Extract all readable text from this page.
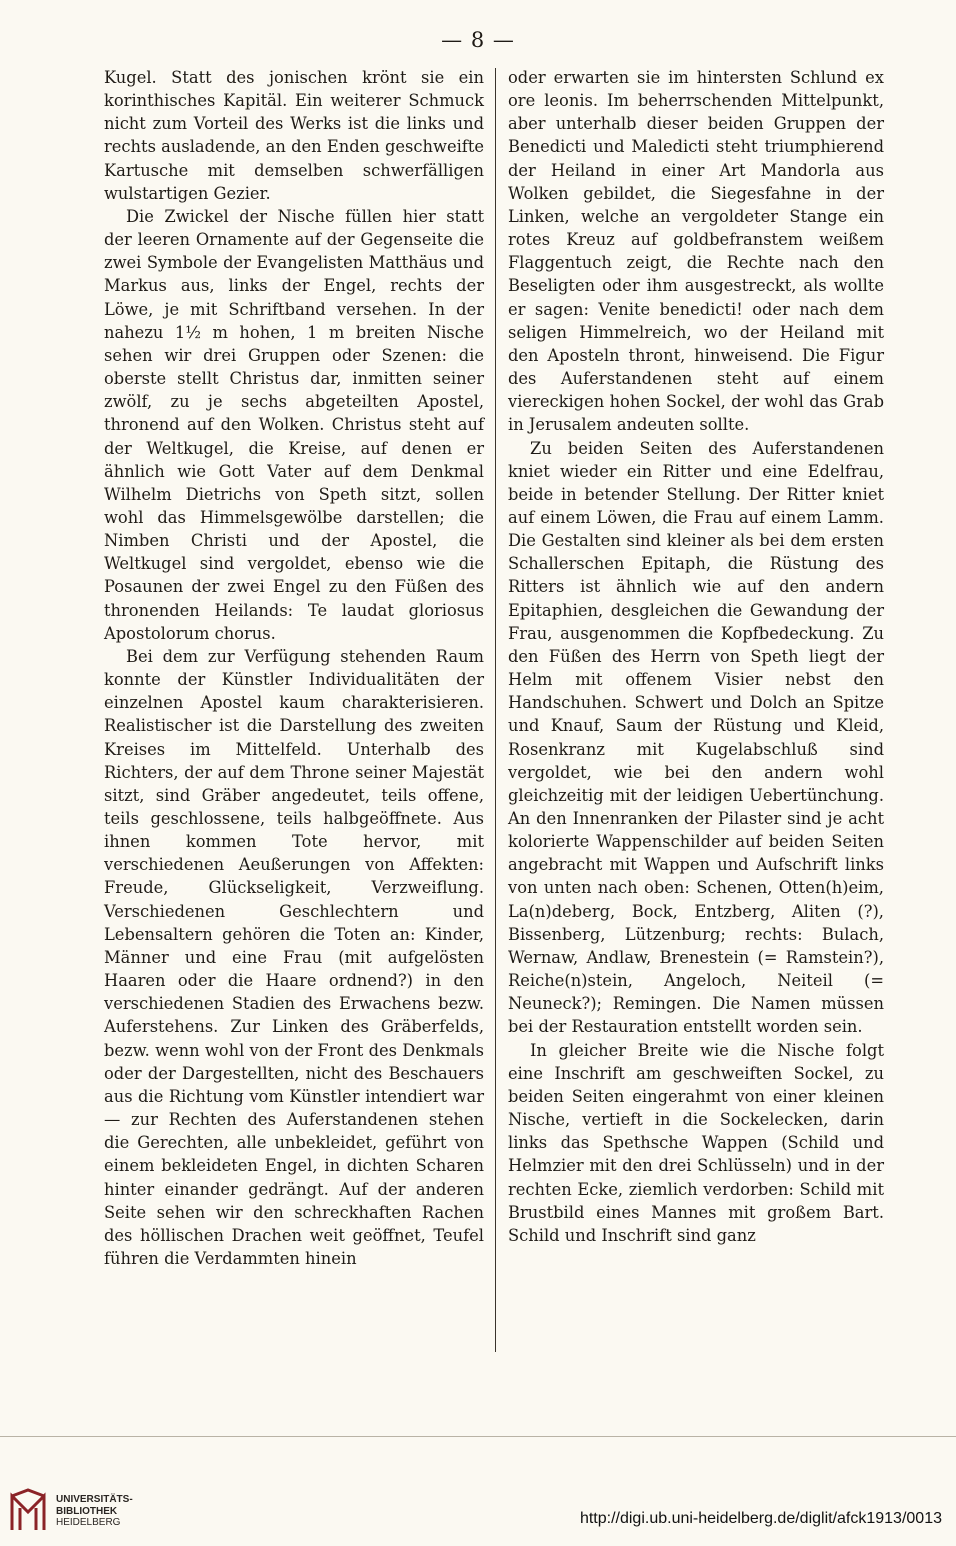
— 8 —

Kugel. Statt des jonischen krönt sie ein korinthisches Kapitäl. Ein weiterer Schmuck nicht zum Vorteil des Werks ist die links und rechts ausladende, an den Enden geschweifte Kartusche mit demselben schwerfälligen wulstartigen Gezier.

Die Zwickel der Nische füllen hier statt der leeren Ornamente auf der Gegenseite die zwei Symbole der Evangelisten Matthäus und Markus aus, links der Engel, rechts der Löwe, je mit Schriftband versehen. In der nahezu 1½ m hohen, 1 m breiten Nische sehen wir drei Gruppen oder Szenen: die oberste stellt Christus dar, inmitten seiner zwölf, zu je sechs abgeteilten Apostel, thronend auf den Wolken. Christus steht auf der Weltkugel, die Kreise, auf denen er ähnlich wie Gott Vater auf dem Denkmal Wilhelm Dietrichs von Speth sitzt, sollen wohl das Himmelsgewölbe darstellen; die Nimben Christi und der Apostel, die Weltkugel sind vergoldet, ebenso wie die Posaunen der zwei Engel zu den Füßen des thronenden Heilands: Te laudat gloriosus Apostolorum chorus.

Bei dem zur Verfügung stehenden Raum konnte der Künstler Individualitäten der einzelnen Apostel kaum charakterisieren. Realistischer ist die Darstellung des zweiten Kreises im Mittelfeld. Unterhalb des Richters, der auf dem Throne seiner Majestät sitzt, sind Gräber angedeutet, teils offene, teils geschlossene, teils halbgeöffnete. Aus ihnen kommen Tote hervor, mit verschiedenen Aeußerungen von Affekten: Freude, Glückseligkeit, Verzweiflung. Verschiedenen Geschlechtern und Lebensaltern gehören die Toten an: Kinder, Männer und eine Frau (mit aufgelösten Haaren oder die Haare ordnend?) in den verschiedenen Stadien des Erwachens bezw. Auferstehens. Zur Linken des Gräberfelds, bezw. wenn wohl von der Front des Denkmals oder der Dargestellten, nicht des Beschauers aus die Richtung vom Künstler intendiert war — zur Rechten des Auferstandenen stehen die Gerechten, alle unbekleidet, geführt von einem bekleideten Engel, in dichten Scharen hinter einander gedrängt. Auf der anderen Seite sehen wir den schreckhaften Rachen des höllischen Drachen weit geöffnet, Teufel führen die Verdammten hinein

oder erwarten sie im hintersten Schlund ex ore leonis. Im beherrschenden Mittelpunkt, aber unterhalb dieser beiden Gruppen der Benedicti und Maledicti steht triumphierend der Heiland in einer Art Mandorla aus Wolken gebildet, die Siegesfahne in der Linken, welche an vergoldeter Stange ein rotes Kreuz auf goldbefranstem weißem Flaggentuch zeigt, die Rechte nach den Beseligten oder ihm ausgestreckt, als wollte er sagen: Venite benedicti! oder nach dem seligen Himmelreich, wo der Heiland mit den Aposteln thront, hinweisend. Die Figur des Auferstandenen steht auf einem viereckigen hohen Sockel, der wohl das Grab in Jerusalem andeuten sollte.

Zu beiden Seiten des Auferstandenen kniet wieder ein Ritter und eine Edelfrau, beide in betender Stellung. Der Ritter kniet auf einem Löwen, die Frau auf einem Lamm. Die Gestalten sind kleiner als bei dem ersten Schallerschen Epitaph, die Rüstung des Ritters ist ähnlich wie auf den andern Epitaphien, desgleichen die Gewandung der Frau, ausgenommen die Kopfbedeckung. Zu den Füßen des Herrn von Speth liegt der Helm mit offenem Visier nebst den Handschuhen. Schwert und Dolch an Spitze und Knauf, Saum der Rüstung und Kleid, Rosenkranz mit Kugelabschluß sind vergoldet, wie bei den andern wohl gleichzeitig mit der leidigen Uebertünchung. An den Innenranken der Pilaster sind je acht kolorierte Wappenschilder auf beiden Seiten angebracht mit Wappen und Aufschrift links von unten nach oben: Schenen, Otten(h)eim, La(n)deberg, Bock, Entzberg, Aliten (?), Bissenberg, Lützenburg; rechts: Bulach, Wernaw, Andlaw, Brenestein (= Ramstein?), Reiche(n)stein, Angeloch, Neiteil (= Neuneck?); Remingen. Die Namen müssen bei der Restauration entstellt worden sein.

In gleicher Breite wie die Nische folgt eine Inschrift am geschweiften Sockel, zu beiden Seiten eingerahmt von einer kleinen Nische, vertieft in die Sockelecken, darin links das Spethsche Wappen (Schild und Helmzier mit den drei Schlüsseln) und in der rechten Ecke, ziemlich verdorben: Schild mit Brustbild eines Mannes mit großem Bart. Schild und Inschrift sind ganz

UNIVERSITÄTS-
BIBLIOTHEK
HEIDELBERG	http://digi.ub.uni-heidelberg.de/diglit/afck1913/0013
